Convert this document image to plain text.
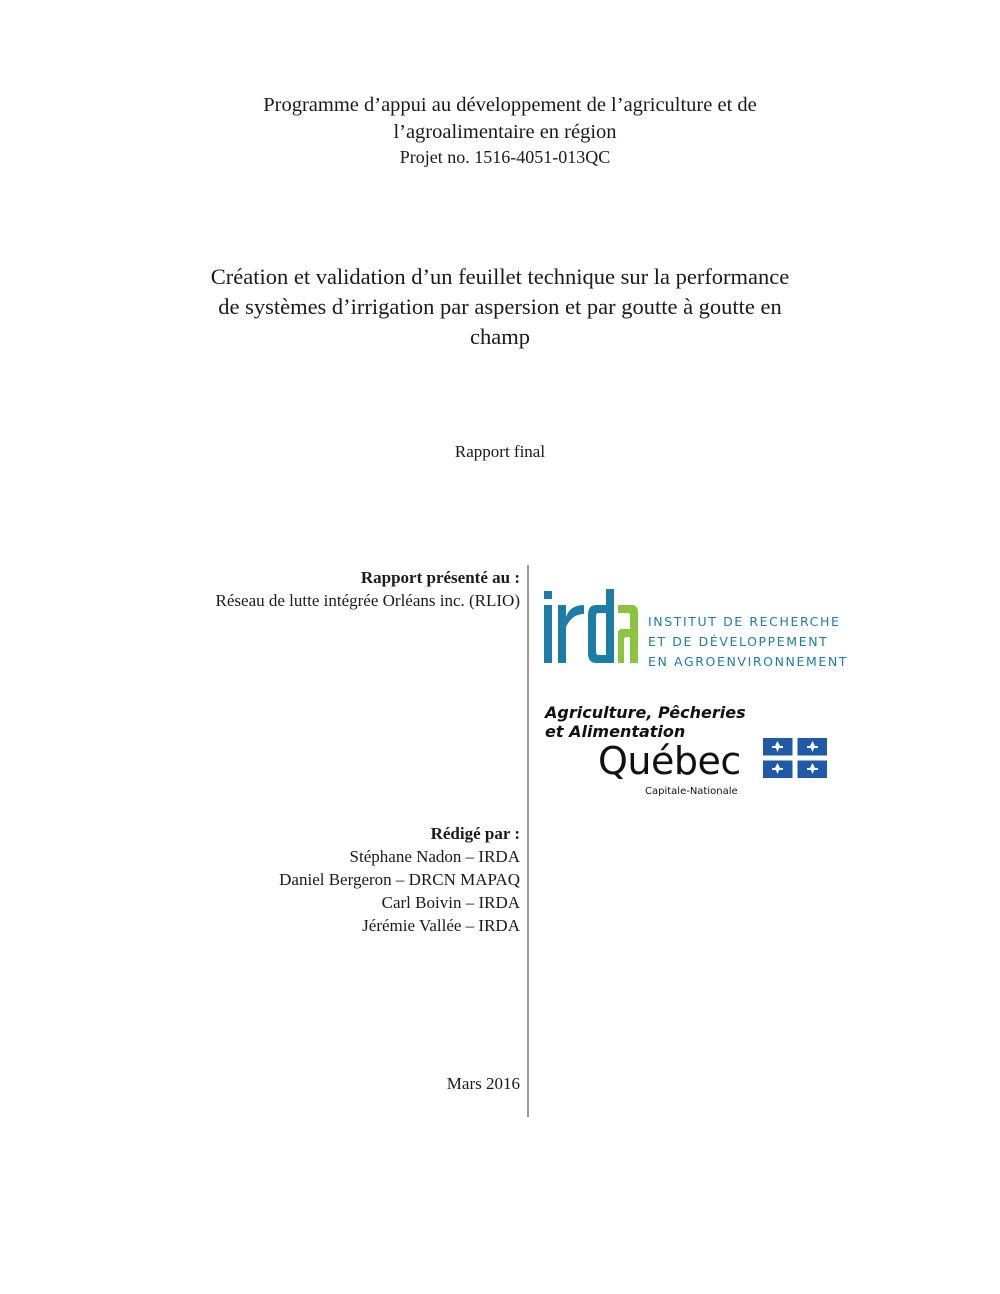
Programme d’appui au développement de l’agriculture et de
l’agroalimentaire en région
Projet no. 1516-4051-013QC
Création et validation d’un feuillet technique sur la performance
de systèmes d’irrigation par aspersion et par goutte à goutte en
champ
Rapport final
Rapport présenté au :
Réseau de lutte intégrée Orléans inc. (RLIO)
Rédigé par :
Stéphane Nadon – IRDA
Daniel Bergeron – DRCN MAPAQ
Carl Boivin – IRDA
Jérémie Vallée – IRDA
Mars 2016
INSTITUT DE RECHERCHE
ET DE DÉVELOPPEMENT
EN AGROENVIRONNEMENT
Agriculture, Pêcheries
et Alimentation
Québec
Capitale-Nationale
